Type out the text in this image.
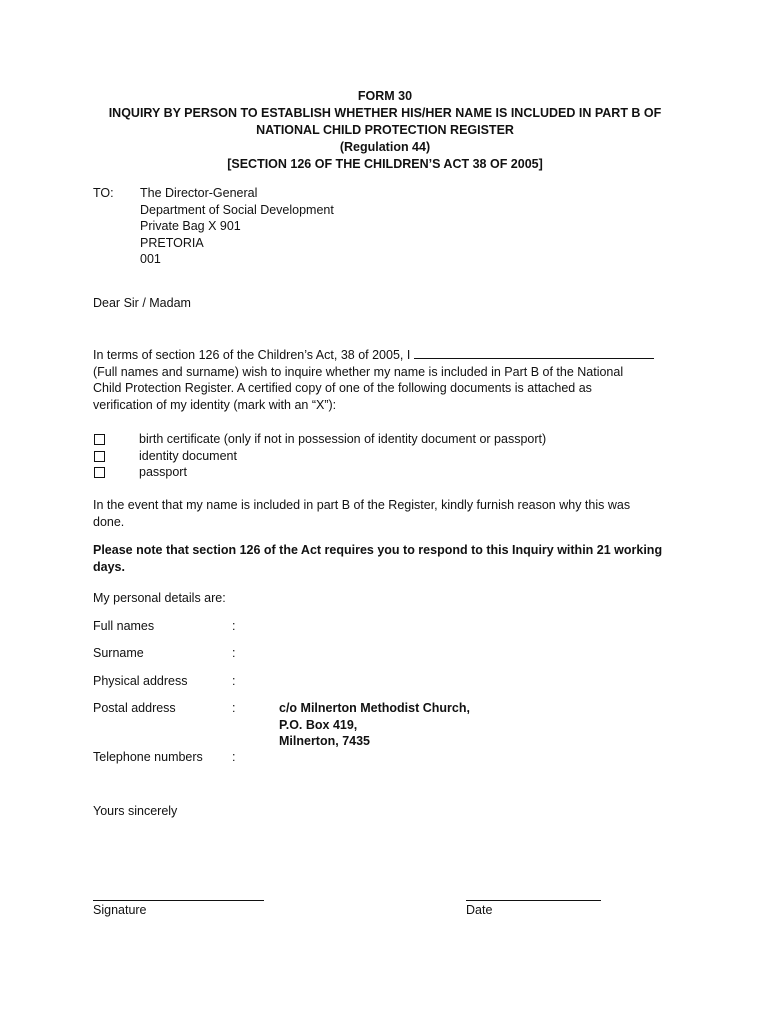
FORM 30
INQUIRY BY PERSON TO ESTABLISH WHETHER HIS/HER NAME IS INCLUDED IN PART B OF
NATIONAL CHILD PROTECTION REGISTER
(Regulation 44)
[SECTION 126 OF THE CHILDREN’S ACT 38 OF 2005]
TO: The Director-General
Department of Social Development
Private Bag X 901
PRETORIA
001
Dear Sir / Madam
In terms of section 126 of the Children’s Act, 38 of 2005, I
(Full names and surname) wish to inquire whether my name is included in Part B of the National
Child Protection Register. A certified copy of one of the following documents is attached as
verification of my identity (mark with an “X”):
birth certificate (only if not in possession of identity document or passport)
identity document
passport
In the event that my name is included in part B of the Register, kindly furnish reason why this was
done.
Please note that section 126 of the Act requires you to respond to this Inquiry within 21 working
days.
My personal details are:
Full names	:
Surname	:
Physical address	:
Postal address	:	c/o Milnerton Methodist Church,
P.O. Box 419,
Milnerton, 7435
Telephone numbers :
Yours sincerely
Signature	Date
